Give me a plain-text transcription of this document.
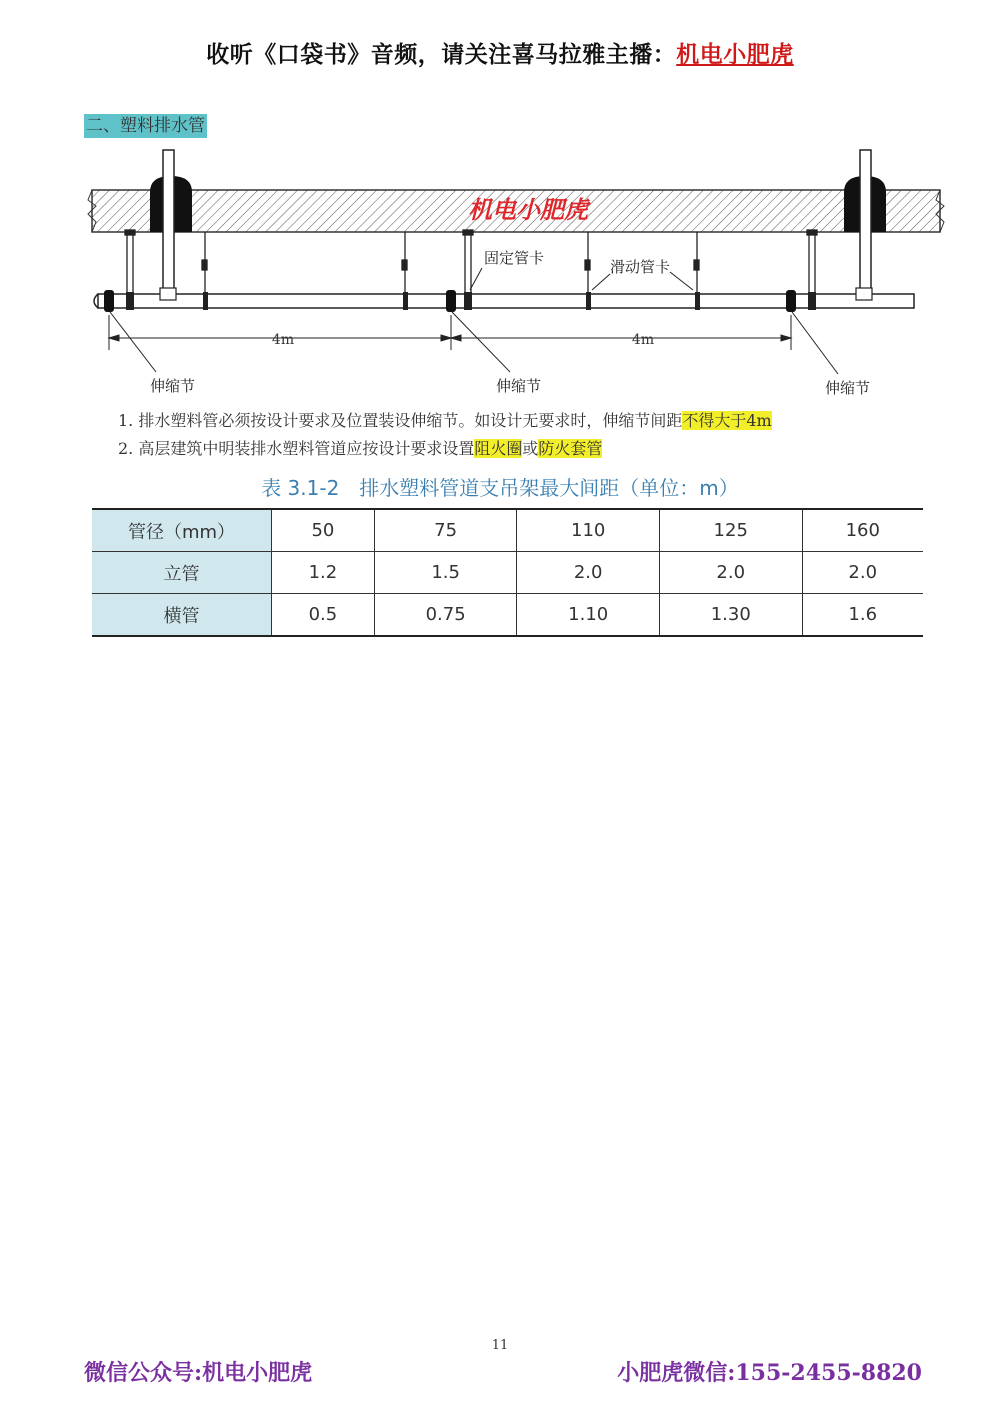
收听《口袋书》音频，请关注喜马拉雅主播：机电小肥虎
二、塑料排水管
机电小肥虎
4m	4m
固定管卡	滑动管卡
伸缩节	伸缩节	伸缩节
1. 排水塑料管必须按设计要求及位置装设伸缩节。如设计无要求时，伸缩节间距不得大于4m
2. 高层建筑中明装排水塑料管道应按设计要求设置阻火圈或防火套管
表 3.1-2　排水塑料管道支吊架最大间距（单位：m）
管径（mm）	50	75	110	125	160
立管	1.2	1.5	2.0	2.0	2.0
横管	0.5	0.75	1.10	1.30	1.6
11
微信公众号:机电小肥虎	小肥虎微信:155-2455-8820
